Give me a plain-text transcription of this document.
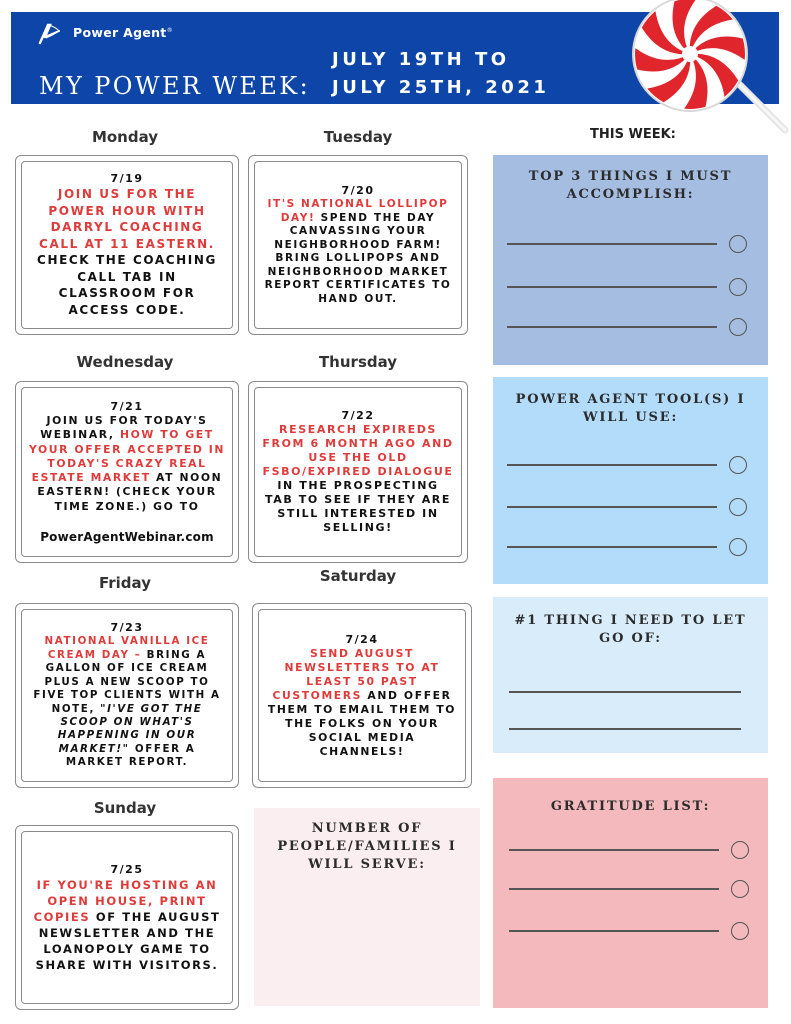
Power Agent®
MY POWER WEEK:
JULY 19TH TO
JULY 25TH, 2021
THIS WEEK:
Monday	Tuesday
Wednesday	Thursday
Friday	Saturday
Sunday
7/19
JOIN US FOR THE POWER HOUR WITH DARRYL COACHING CALL AT 11 EASTERN. CHECK THE COACHING CALL TAB IN CLASSROOM FOR ACCESS CODE.
7/20
IT'S NATIONAL LOLLIPOP DAY! SPEND THE DAY CANVASSING YOUR NEIGHBORHOOD FARM! BRING LOLLIPOPS AND NEIGHBORHOOD MARKET REPORT CERTIFICATES TO HAND OUT.
7/21
JOIN US FOR TODAY'S WEBINAR, HOW TO GET YOUR OFFER ACCEPTED IN TODAY'S CRAZY REAL ESTATE MARKET AT NOON EASTERN! (CHECK YOUR TIME ZONE.) GO TO
PowerAgentWebinar.com
7/22
RESEARCH EXPIREDS FROM 6 MONTH AGO AND USE THE OLD FSBO/EXPIRED DIALOGUE IN THE PROSPECTING TAB TO SEE IF THEY ARE STILL INTERESTED IN SELLING!
7/23
NATIONAL VANILLA ICE CREAM DAY – BRING A GALLON OF ICE CREAM PLUS A NEW SCOOP TO FIVE TOP CLIENTS WITH A NOTE, "I'VE GOT THE SCOOP ON WHAT'S HAPPENING IN OUR MARKET!" OFFER A MARKET REPORT.
7/24
SEND AUGUST NEWSLETTERS TO AT LEAST 50 PAST CUSTOMERS AND OFFER THEM TO EMAIL THEM TO THE FOLKS ON YOUR SOCIAL MEDIA CHANNELS!
7/25
IF YOU'RE HOSTING AN OPEN HOUSE, PRINT COPIES OF THE AUGUST NEWSLETTER AND THE LOANOPOLY GAME TO SHARE WITH VISITORS.
NUMBER OF PEOPLE/FAMILIES I WILL SERVE:
TOP 3 THINGS I MUST ACCOMPLISH:
POWER AGENT TOOL(S) I WILL USE:
#1 THING I NEED TO LET GO OF:
GRATITUDE LIST:
